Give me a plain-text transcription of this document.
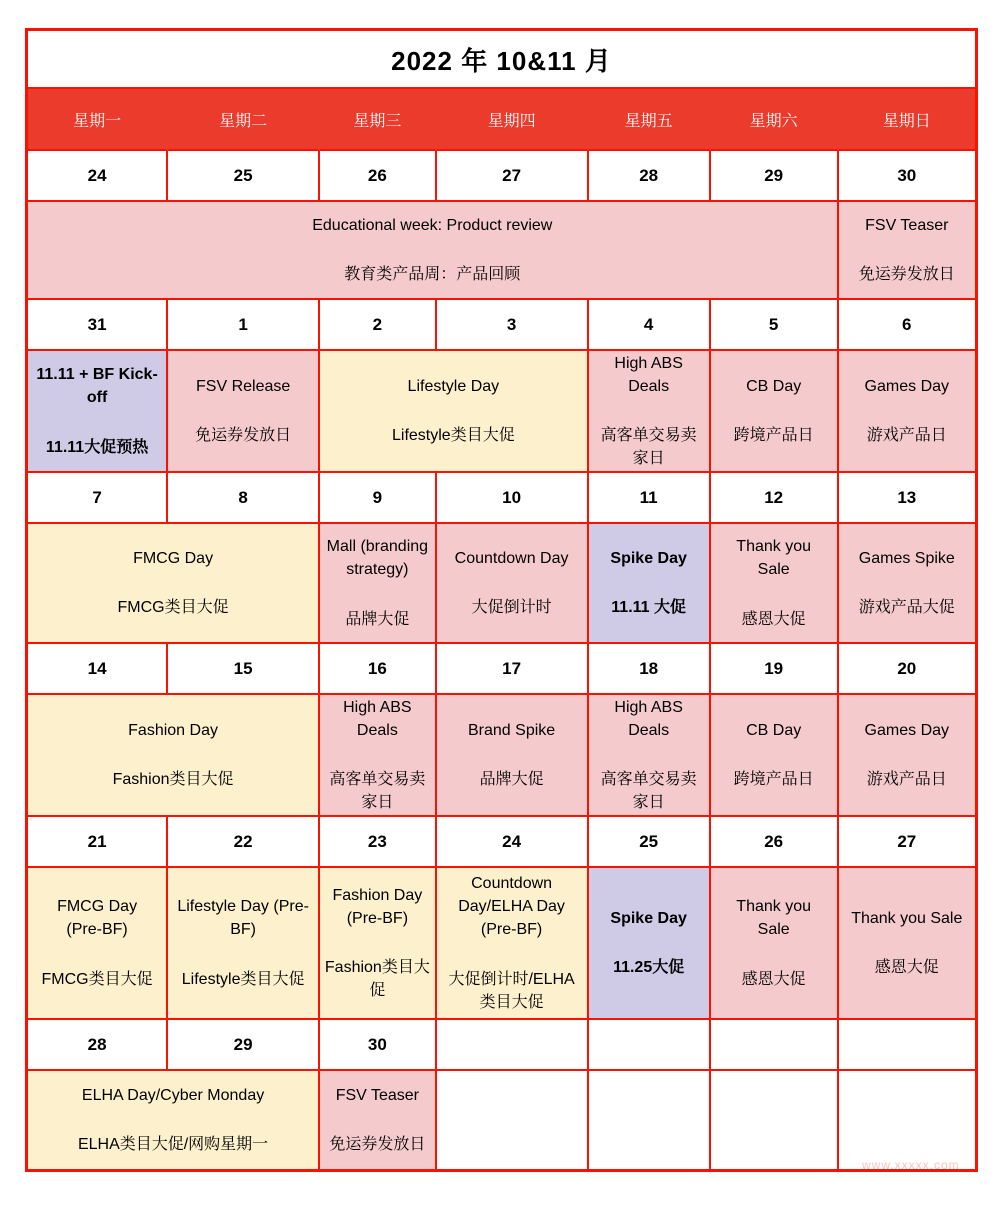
2022 年 10&11 月						
星期一	星期二	星期三	星期四	星期五	星期六	星期日
24	25	26	27	28	29	30

Educational week: Product review
教育类产品周：产品回顾

FSV Teaser
免运券发放日

31	1	2	3	4	5	6

11.11 + BF Kick-off
11.11大促预热

FSV Release
免运券发放日

Lifestyle Day
Lifestyle类目大促

High ABS Deals
高客单交易卖家日

CB Day
跨境产品日

Games Day
游戏产品日

7	8	9	10	11	12	13

FMCG Day
FMCG类目大促

Mall (branding strategy)
品牌大促

Countdown Day
大促倒计时

Spike Day
11.11 大促

Thank you Sale
感恩大促

Games Spike
游戏产品大促

14	15	16	17	18	19	20

Fashion Day
Fashion类目大促

High ABS Deals
高客单交易卖家日

Brand Spike
品牌大促

High ABS Deals
高客单交易卖家日

CB Day
跨境产品日

Games Day
游戏产品日

21	22	23	24	25	26	27

FMCG Day (Pre-BF)
FMCG类目大促

Lifestyle Day (Pre-BF)
Lifestyle类目大促

Fashion Day (Pre-BF)
Fashion类目大促

Countdown Day/ELHA Day (Pre-BF)
大促倒计时/ELHA类目大促

Spike Day
11.25大促

Thank you Sale
感恩大促

Thank you Sale
感恩大促

28	29	30				

ELHA Day/Cyber Monday
ELHA类目大促/网购星期一

FSV Teaser
免运券发放日

www.xxxxx.com
